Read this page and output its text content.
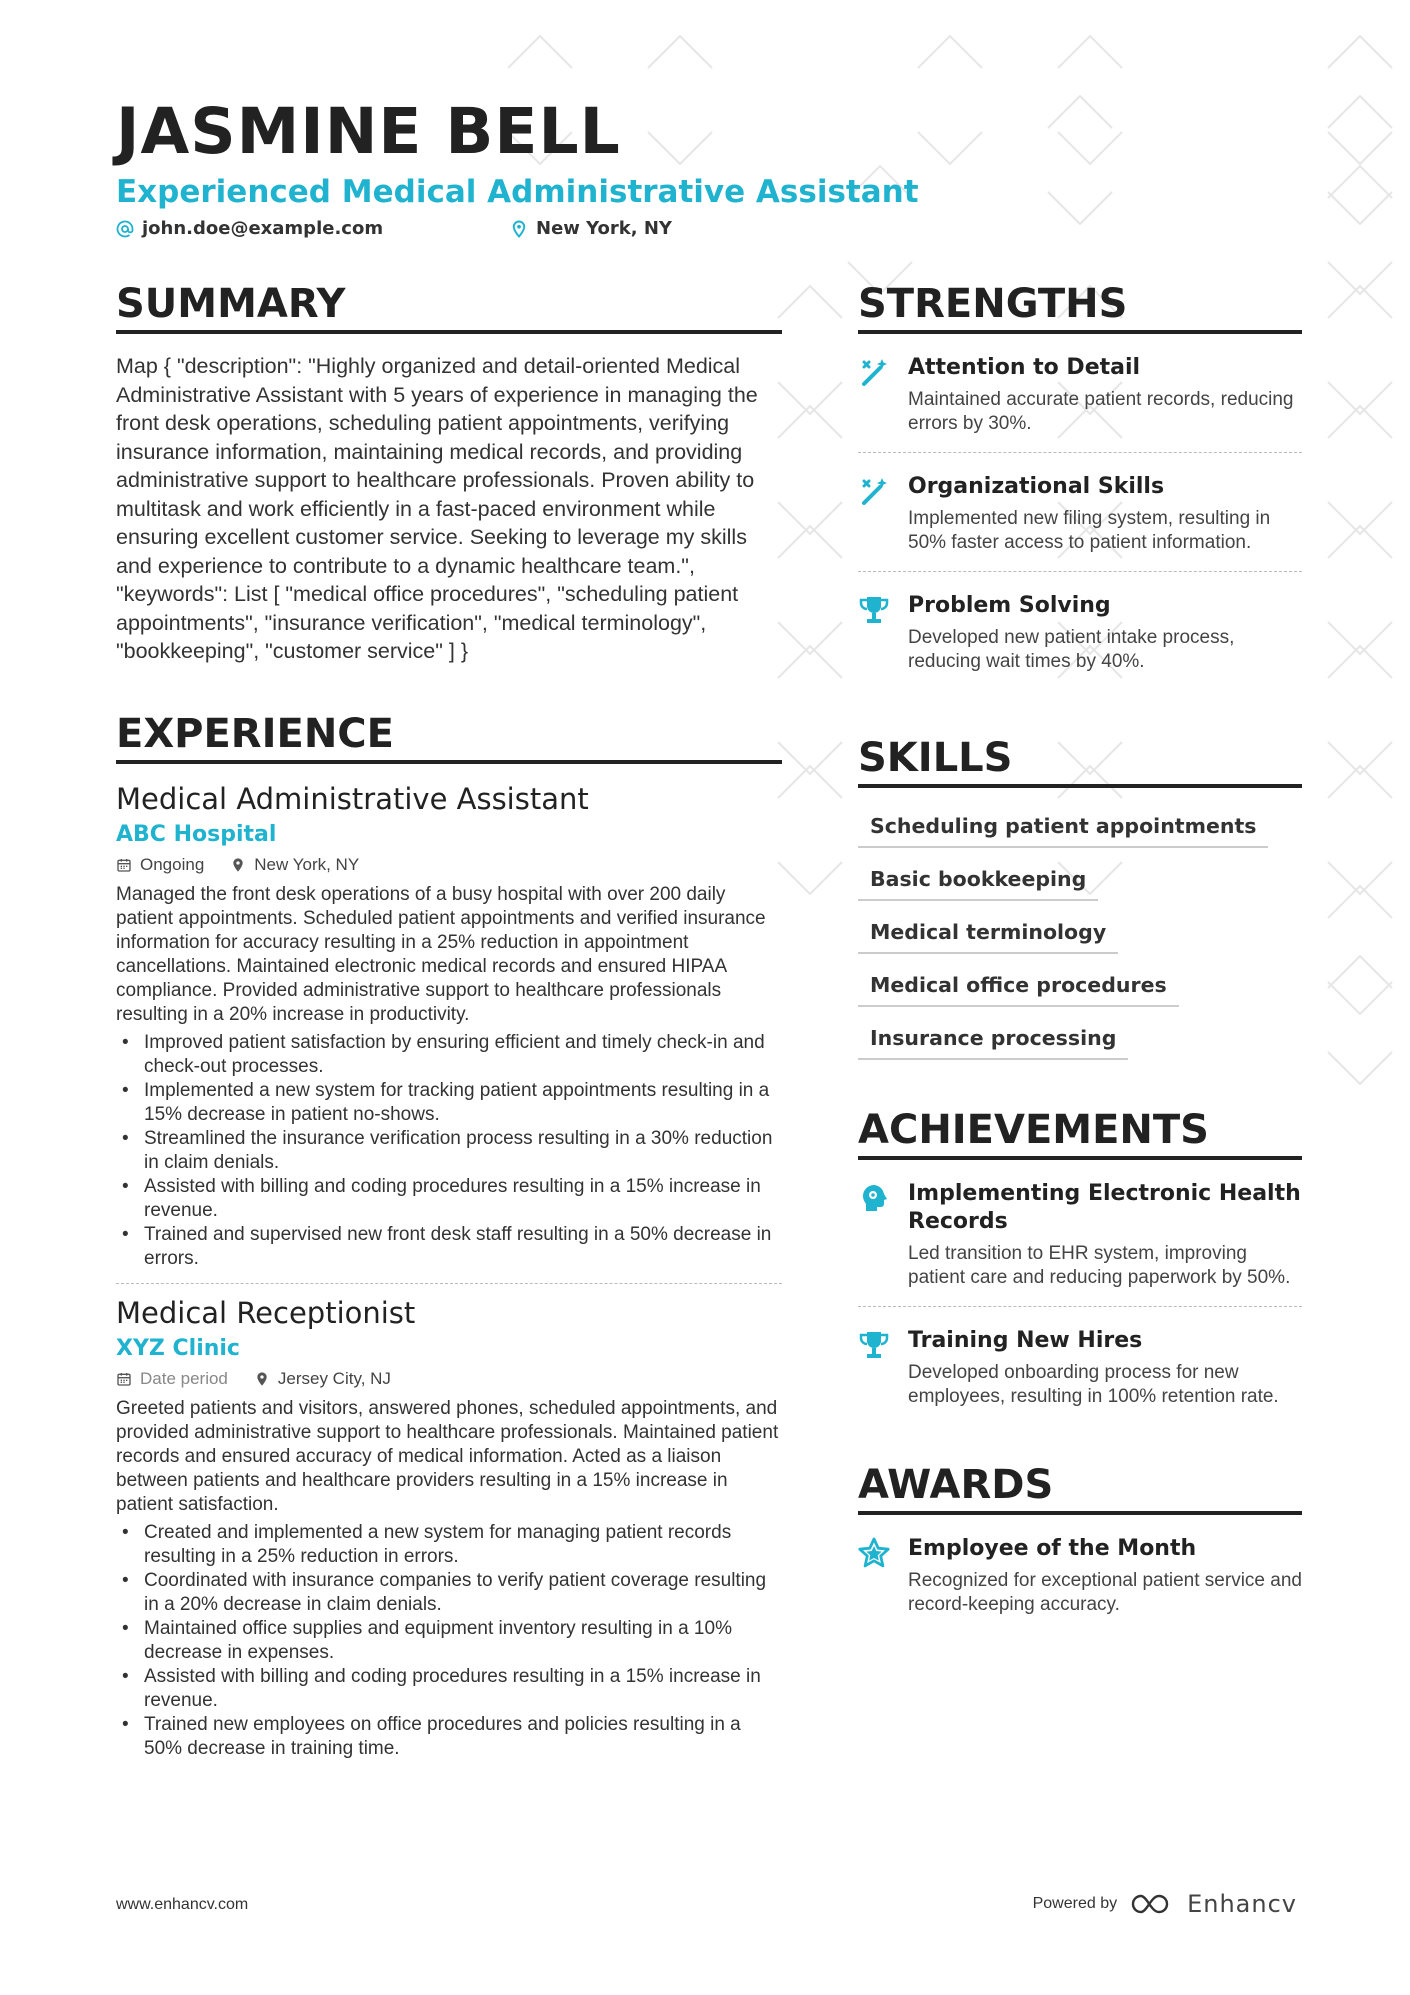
JASMINE BELL
Experienced Medical Administrative Assistant
john.doe@example.com	New York, NY
SUMMARY
Map { "description": "Highly organized and detail-oriented Medical Administrative Assistant with 5 years of experience in managing the front desk operations, scheduling patient appointments, verifying insurance information, maintaining medical records, and providing administrative support to healthcare professionals. Proven ability to multitask and work efficiently in a fast-paced environment while ensuring excellent customer service. Seeking to leverage my skills and experience to contribute to a dynamic healthcare team.", "keywords": List [ "medical office procedures", "scheduling patient appointments", "insurance verification", "medical terminology", "bookkeeping", "customer service" ] }
EXPERIENCE
Medical Administrative Assistant
ABC Hospital
Ongoing	New York, NY
Managed the front desk operations of a busy hospital with over 200 daily patient appointments. Scheduled patient appointments and verified insurance information for accuracy resulting in a 25% reduction in appointment cancellations. Maintained electronic medical records and ensured HIPAA compliance. Provided administrative support to healthcare professionals resulting in a 20% increase in productivity.
• Improved patient satisfaction by ensuring efficient and timely check-in and check-out processes.
• Implemented a new system for tracking patient appointments resulting in a 15% decrease in patient no-shows.
• Streamlined the insurance verification process resulting in a 30% reduction in claim denials.
• Assisted with billing and coding procedures resulting in a 15% increase in revenue.
• Trained and supervised new front desk staff resulting in a 50% decrease in errors.
Medical Receptionist
XYZ Clinic
Date period	Jersey City, NJ
Greeted patients and visitors, answered phones, scheduled appointments, and provided administrative support to healthcare professionals. Maintained patient records and ensured accuracy of medical information. Acted as a liaison between patients and healthcare providers resulting in a 15% increase in patient satisfaction.
• Created and implemented a new system for managing patient records resulting in a 25% reduction in errors.
• Coordinated with insurance companies to verify patient coverage resulting in a 20% decrease in claim denials.
• Maintained office supplies and equipment inventory resulting in a 10% decrease in expenses.
• Assisted with billing and coding procedures resulting in a 15% increase in revenue.
• Trained new employees on office procedures and policies resulting in a 50% decrease in training time.
STRENGTHS
Attention to Detail
Maintained accurate patient records, reducing errors by 30%.
Organizational Skills
Implemented new filing system, resulting in 50% faster access to patient information.
Problem Solving
Developed new patient intake process, reducing wait times by 40%.
SKILLS
Scheduling patient appointments
Basic bookkeeping
Medical terminology
Medical office procedures
Insurance processing
ACHIEVEMENTS
Implementing Electronic Health Records
Led transition to EHR system, improving patient care and reducing paperwork by 50%.
Training New Hires
Developed onboarding process for new employees, resulting in 100% retention rate.
AWARDS
Employee of the Month
Recognized for exceptional patient service and record-keeping accuracy.
www.enhancv.com	Powered by	Enhancv
